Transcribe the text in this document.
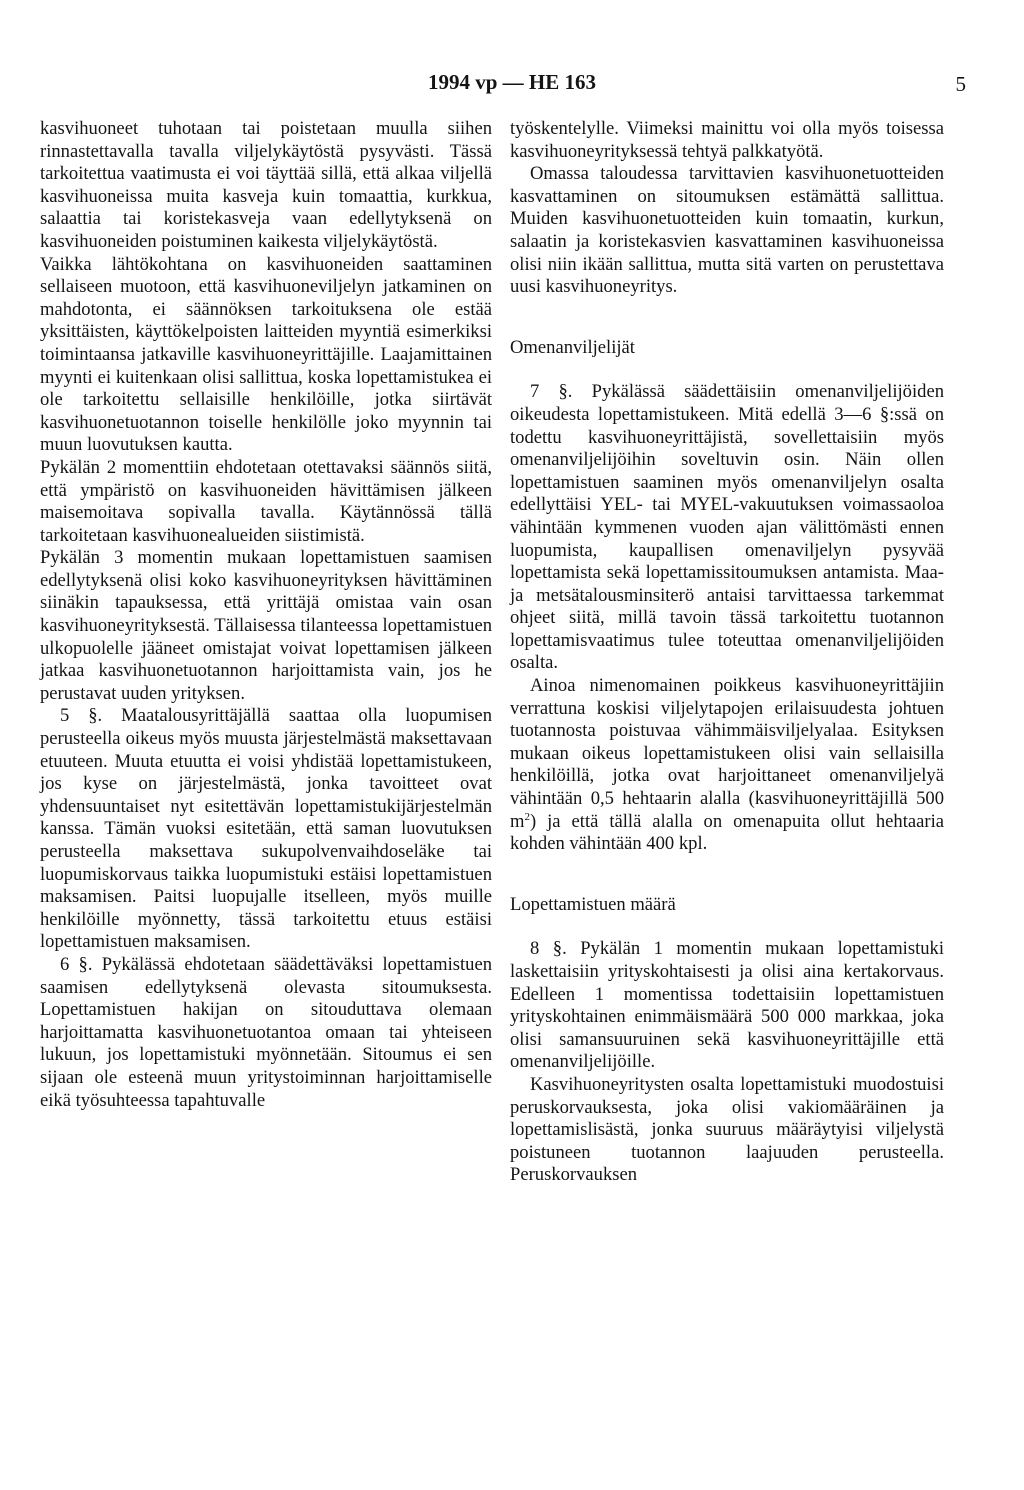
1994 vp — HE 163	5

kasvihuoneet tuhotaan tai poistetaan muulla siihen rinnastettavalla tavalla viljelykäytöstä pysyvästi. Tässä tarkoitettua vaatimusta ei voi täyttää sillä, että alkaa viljellä kasvihuoneissa muita kasveja kuin tomaattia, kurkkua, salaattia tai koristekasveja vaan edellytyksenä on kasvihuoneiden poistuminen kaikesta viljelykäytöstä.

Vaikka lähtökohtana on kasvihuoneiden saattaminen sellaiseen muotoon, että kasvihuoneviljelyn jatkaminen on mahdotonta, ei säännöksen tarkoituksena ole estää yksittäisten, käyttökelpoisten laitteiden myyntiä esimerkiksi toimintaansa jatkaville kasvihuoneyrittäjille. Laajamittainen myynti ei kuitenkaan olisi sallittua, koska lopettamistukea ei ole tarkoitettu sellaisille henkilöille, jotka siirtävät kasvihuonetuotannon toiselle henkilölle joko myynnin tai muun luovutuksen kautta.

Pykälän 2 momenttiin ehdotetaan otettavaksi säännös siitä, että ympäristö on kasvihuoneiden hävittämisen jälkeen maisemoitava sopivalla tavalla. Käytännössä tällä tarkoitetaan kasvihuonealueiden siistimistä.

Pykälän 3 momentin mukaan lopettamistuen saamisen edellytyksenä olisi koko kasvihuoneyrityksen hävittäminen siinäkin tapauksessa, että yrittäjä omistaa vain osan kasvihuoneyrityksestä. Tällaisessa tilanteessa lopettamistuen ulkopuolelle jääneet omistajat voivat lopettamisen jälkeen jatkaa kasvihuonetuotannon harjoittamista vain, jos he perustavat uuden yrityksen.

5 §. Maatalousyrittäjällä saattaa olla luopumisen perusteella oikeus myös muusta järjestelmästä maksettavaan etuuteen. Muuta etuutta ei voisi yhdistää lopettamistukeen, jos kyse on järjestelmästä, jonka tavoitteet ovat yhdensuuntaiset nyt esitettävän lopettamistukijärjestelmän kanssa. Tämän vuoksi esitetään, että saman luovutuksen perusteella maksettava sukupolvenvaihdoseläke tai luopumiskorvaus taikka luopumistuki estäisi lopettamistuen maksamisen. Paitsi luopujalle itselleen, myös muille henkilöille myönnetty, tässä tarkoitettu etuus estäisi lopettamistuen maksamisen.

6 §. Pykälässä ehdotetaan säädettäväksi lopettamistuen saamisen edellytyksenä olevasta sitoumuksesta. Lopettamistuen hakijan on sitouduttava olemaan harjoittamatta kasvihuonetuotantoa omaan tai yhteiseen lukuun, jos lopettamistuki myönnetään. Sitoumus ei sen sijaan ole esteenä muun yritystoiminnan harjoittamiselle eikä työsuhteessa tapahtuvalle

työskentelylle. Viimeksi mainittu voi olla myös toisessa kasvihuoneyrityksessä tehtyä palkkatyötä.

Omassa taloudessa tarvittavien kasvihuonetuotteiden kasvattaminen on sitoumuksen estämättä sallittua. Muiden kasvihuonetuotteiden kuin tomaatin, kurkun, salaatin ja koristekasvien kasvattaminen kasvihuoneissa olisi niin ikään sallittua, mutta sitä varten on perustettava uusi kasvihuoneyritys.

Omenanviljelijät

7 §. Pykälässä säädettäisiin omenanviljelijöiden oikeudesta lopettamistukeen. Mitä edellä 3—6 §:ssä on todettu kasvihuoneyrittäjistä, sovellettaisiin myös omenanviljelijöihin soveltuvin osin. Näin ollen lopettamistuen saaminen myös omenanviljelyn osalta edellyttäisi YEL- tai MYEL-vakuutuksen voimassaoloa vähintään kymmenen vuoden ajan välittömästi ennen luopumista, kaupallisen omenaviljelyn pysyvää lopettamista sekä lopettamissitoumuksen antamista. Maa- ja metsätalousminsiterö antaisi tarvittaessa tarkemmat ohjeet siitä, millä tavoin tässä tarkoitettu tuotannon lopettamisvaatimus tulee toteuttaa omenanviljelijöiden osalta.

Ainoa nimenomainen poikkeus kasvihuoneyrittäjiin verrattuna koskisi viljelytapojen erilaisuudesta johtuen tuotannosta poistuvaa vähimmäisviljelyalaa. Esityksen mukaan oikeus lopettamistukeen olisi vain sellaisilla henkilöillä, jotka ovat harjoittaneet omenanviljelyä vähintään 0,5 hehtaarin alalla (kasvihuoneyrittäjillä 500 $m^2$) ja että tällä alalla on omenapuita ollut hehtaaria kohden vähintään 400 kpl.

Lopettamistuen määrä

8 §. Pykälän 1 momentin mukaan lopettamistuki laskettaisiin yrityskohtaisesti ja olisi aina kertakorvaus. Edelleen 1 momentissa todettaisiin lopettamistuen yrityskohtainen enimmäismäärä 500 000 markkaa, joka olisi samansuuruinen sekä kasvihuoneyrittäjille että omenanviljelijöille.

Kasvihuoneyritysten osalta lopettamistuki muodostuisi peruskorvauksesta, joka olisi vakiomääräinen ja lopettamislisästä, jonka suuruus määräytyisi viljelystä poistuneen tuotannon laajuuden perusteella. Peruskorvauksen
